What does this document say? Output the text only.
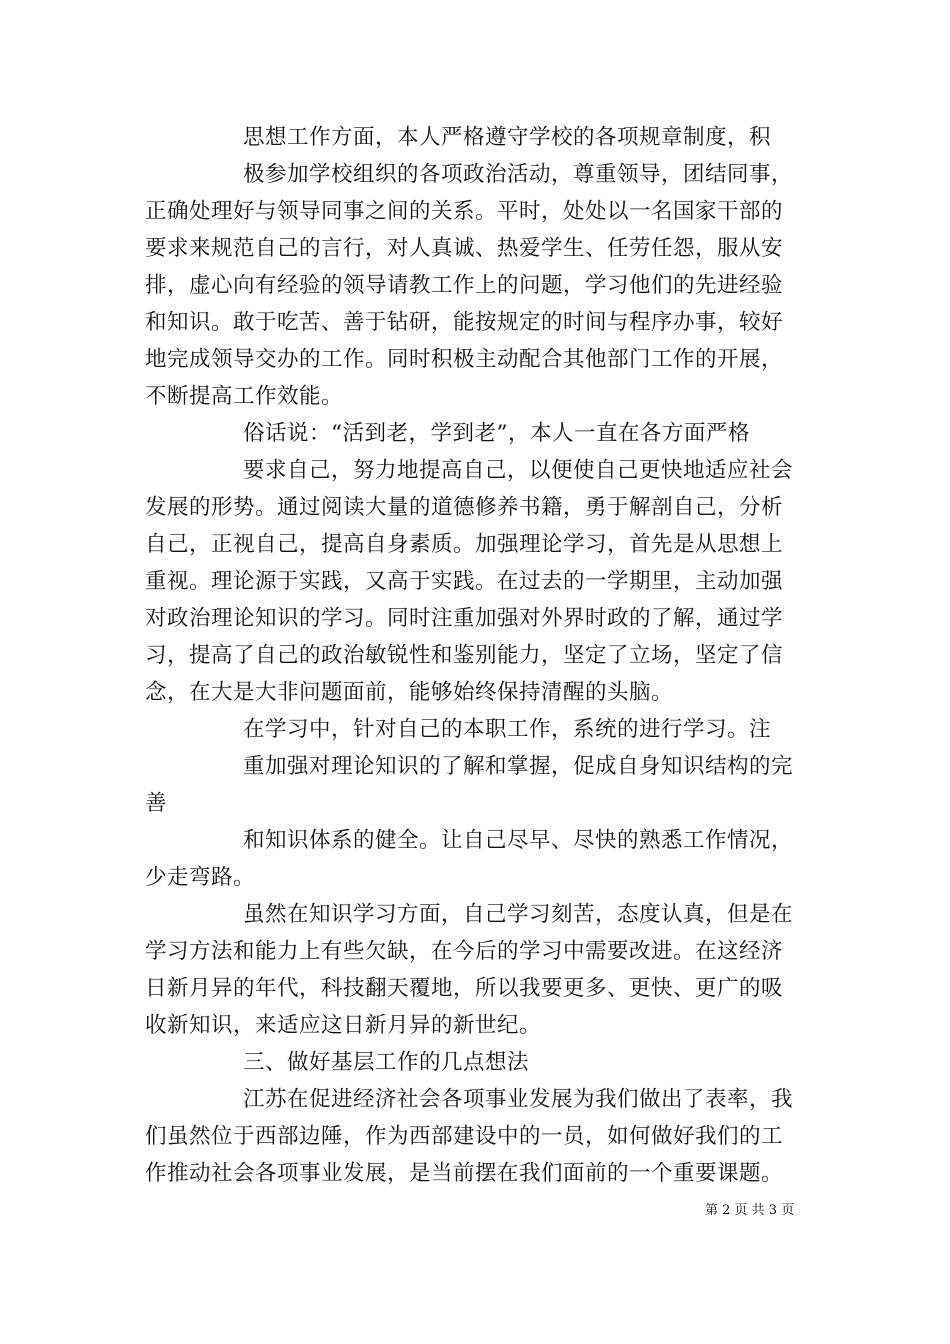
思想工作方面，本人严格遵守学校的各项规章制度，积
极参加学校组织的各项政治活动，尊重领导，团结同事，
正确处理好与领导同事之间的关系。平时，处处以一名国家干部的
要求来规范自己的言行，对人真诚、热爱学生、任劳任怨，服从安
排，虚心向有经验的领导请教工作上的问题，学习他们的先进经验
和知识。敢于吃苦、善于钻研，能按规定的时间与程序办事，较好
地完成领导交办的工作。同时积极主动配合其他部门工作的开展，
不断提高工作效能。
俗话说：“活到老，学到老”，本人一直在各方面严格
要求自己，努力地提高自己，以便使自己更快地适应社会
发展的形势。通过阅读大量的道德修养书籍，勇于解剖自己，分析
自己，正视自己，提高自身素质。加强理论学习，首先是从思想上
重视。理论源于实践，又高于实践。在过去的一学期里，主动加强
对政治理论知识的学习。同时注重加强对外界时政的了解，通过学
习，提高了自己的政治敏锐性和鉴别能力，坚定了立场，坚定了信
念，在大是大非问题面前，能够始终保持清醒的头脑。
在学习中，针对自己的本职工作，系统的进行学习。注
重加强对理论知识的了解和掌握，促成自身知识结构的完
善
和知识体系的健全。让自己尽早、尽快的熟悉工作情况，
少走弯路。
虽然在知识学习方面，自己学习刻苦，态度认真，但是在
学习方法和能力上有些欠缺，在今后的学习中需要改进。在这经济
日新月异的年代，科技翻天覆地，所以我要更多、更快、更广的吸
收新知识，来适应这日新月异的新世纪。
三、做好基层工作的几点想法
江苏在促进经济社会各项事业发展为我们做出了表率，我
们虽然位于西部边陲，作为西部建设中的一员，如何做好我们的工
作推动社会各项事业发展，是当前摆在我们面前的一个重要课题。
第 2 页 共 3 页
